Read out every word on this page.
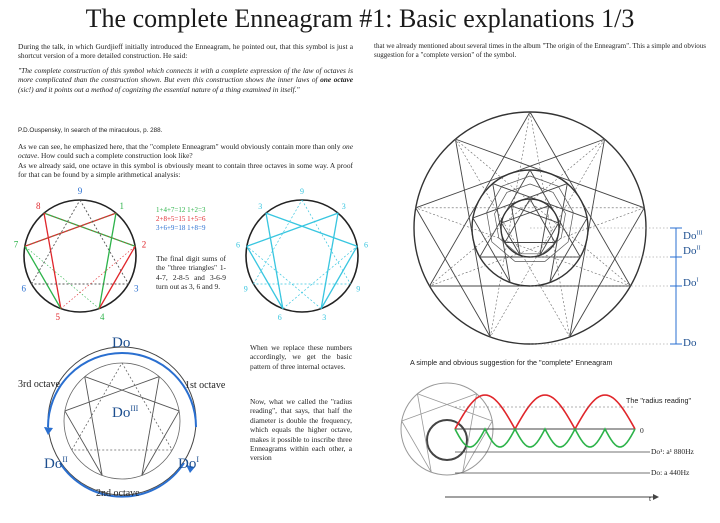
The complete Enneagram #1: Basic explanations 1/3
During the talk, in which Gurdjieff initially introduced the Enneagram, he pointed out, that this symbol is just a shortcut version of a more detailed construction. He said:
"The complete construction of this symbol which connects it with a complete expression of the law of octaves is more complicated than the construction shown. But even this construction shows the inner laws of one octave (sic!) and it points out a method of cognizing the essential nature of a thing examined in itself."
P.D.Ouspensky, In search of the miraculous, p. 288.
As we can see, he emphasized here, that the "complete Enneagram" would obviously contain more than only one octave. How could such a complete construction look like?
As we already said, one octave in this symbol is obviously meant to contain three octaves in some way. A proof for that can be found by a simple arithmetical analysis:
1+4+7=12 1+2=3
2+8+5=15 1+5=6
3+6+9=18 1+8=9
The final digit sums of the "three triangles" 1-4-7, 2-8-5 and 3-6-9 turn out as 3, 6 and 9.
When we replace these numbers accordingly, we get the basic pattern of three internal octaves.
Now, what we called the "radius reading", that says, that half the diameter is double the frequency, which equals the higher octave, makes it possible to inscribe three Enneagrams within each other, a version
that we already mentioned about several times in the album "The origin of the Enneagram". This a simple and obvious suggestion for a "complete version" of the symbol.
9
1
2
3
4
5
6
7
8
9
3
6
9
3
6
9
6
3
Do
3rd octave	1st octave
2nd octave
$Do^{III}$
$Do^{II}$	$Do^I$
$Do^{III}$
$Do^{II}$
$Do^I$
Do
A simple and obvious suggestion for the "complete" Enneagram
The "radius reading"
0
Do¹: a¹ 880Hz
Do: a 440Hz
t
